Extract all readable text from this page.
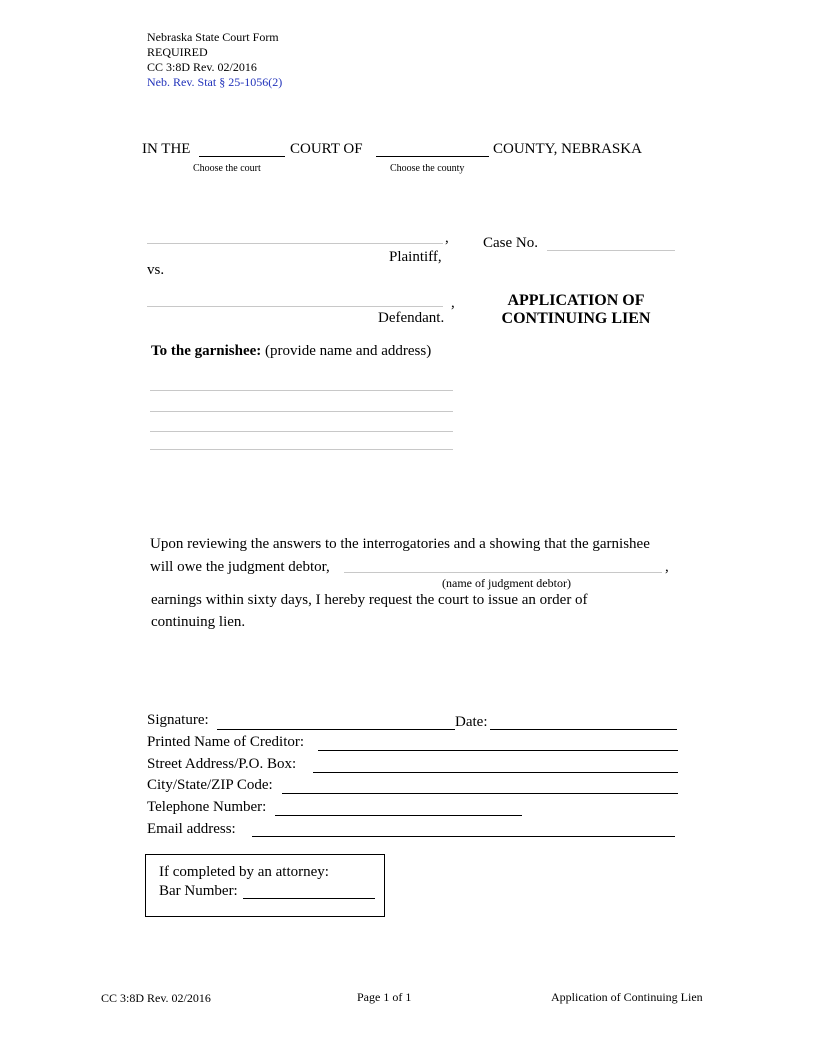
Nebraska State Court Form
REQUIRED
CC 3:8D Rev. 02/2016
Neb. Rev. Stat § 25-1056(2)
IN THE	COURT OF	COUNTY, NEBRASKA
Choose the court	Choose the county
,
Plaintiff,
Case No.
vs.
,
Defendant.
APPLICATION OF
CONTINUING LIEN
To the garnishee: (provide name and address)
Upon reviewing the answers to the interrogatories and a showing that the garnishee
will owe the judgment debtor,	,
(name of judgment debtor)
earnings within sixty days, I hereby request the court to issue an order of
continuing lien.
Signature:	Date:
Printed Name of Creditor:
Street Address/P.O. Box:
City/State/ZIP Code:
Telephone Number:
Email address:
If completed by an attorney:
Bar Number:
CC 3:8D Rev. 02/2016	Page 1 of 1	Application of Continuing Lien
